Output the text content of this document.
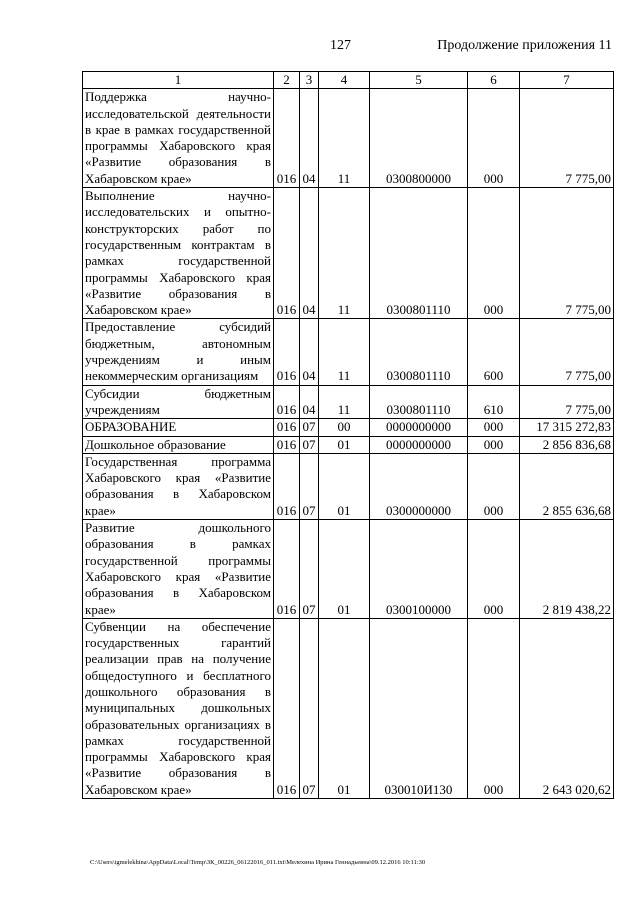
127	Продолжение приложения 11
1	2	3	4	5	6	7
Поддержка научно-исследовательской деятельности в крае в рамках государственной программы Хабаровского края «Развитие образования в Хабаровском крае»	016	04	11	0300800000	000	7 775,00
Выполнение научно-исследовательских и опытно-конструкторских работ по государственным контрактам в рамках государственной программы Хабаровского края «Развитие образования в Хабаровском крае»	016	04	11	0300801110	000	7 775,00
Предоставление субсидий бюджетным, автономным учреждениям и иным некоммерческим организациям	016	04	11	0300801110	600	7 775,00
Субсидии бюджетным учреждениям	016	04	11	0300801110	610	7 775,00
ОБРАЗОВАНИЕ	016	07	00	0000000000	000	17 315 272,83
Дошкольное образование	016	07	01	0000000000	000	2 856 836,68
Государственная программа Хабаровского края «Развитие образования в Хабаровском крае»	016	07	01	0300000000	000	2 855 636,68
Развитие дошкольного образования в рамках государственной программы Хабаровского края «Развитие образования в Хабаровском крае»	016	07	01	0300100000	000	2 819 438,22
Субвенции на обеспечение государственных гарантий реализации прав на получение общедоступного и бесплатного дошкольного образования в муниципальных дошкольных образовательных организациях в рамках государственной программы Хабаровского края «Развитие образования в Хабаровском крае»	016	07	01	030010И130	000	2 643 020,62
C:\Users\igmelekhina\AppData\Local\Temp\ЗК_00226_06122016_011.txt\Мелехина Ирина Геннадьевна\09.12.2016 10:11:30
